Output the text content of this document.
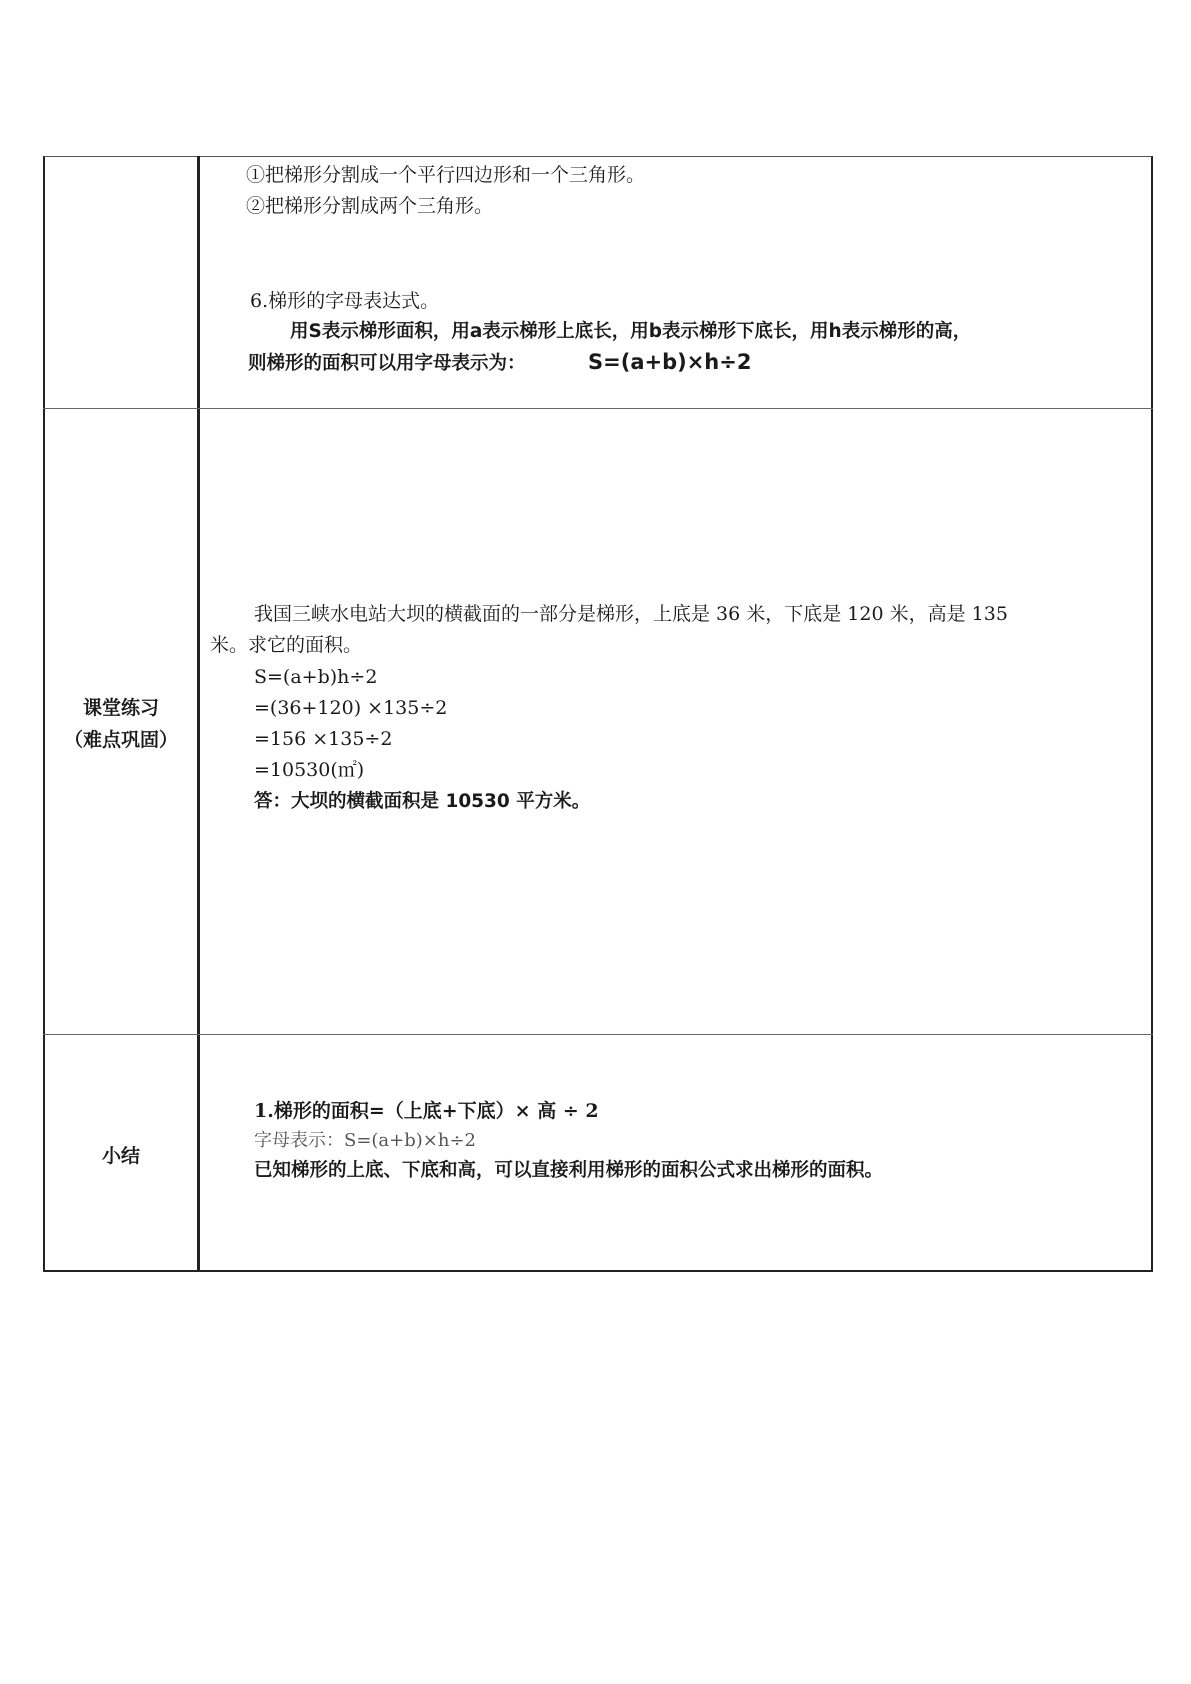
①把梯形分割成一个平行四边形和一个三角形。
②把梯形分割成两个三角形。
6.梯形的字母表达式。
用S表示梯形面积，用a表示梯形上底长，用b表示梯形下底长，用h表示梯形的高，
则梯形的面积可以用字母表示为：	S=(a+b)×h÷2
课堂练习
（难点巩固）
我国三峡水电站大坝的横截面的一部分是梯形，上底是 36 米，下底是 120 米，高是 135
米。求它的面积。
S=(a+b)h÷2
=(36+120) ×135÷2
=156 ×135÷2
=10530(㎡)
答：大坝的横截面积是 10530 平方米。
小结
1.梯形的面积=（上底+下底）× 高 ÷ 2
字母表示：S=(a+b)×h÷2
已知梯形的上底、下底和高，可以直接利用梯形的面积公式求出梯形的面积。
